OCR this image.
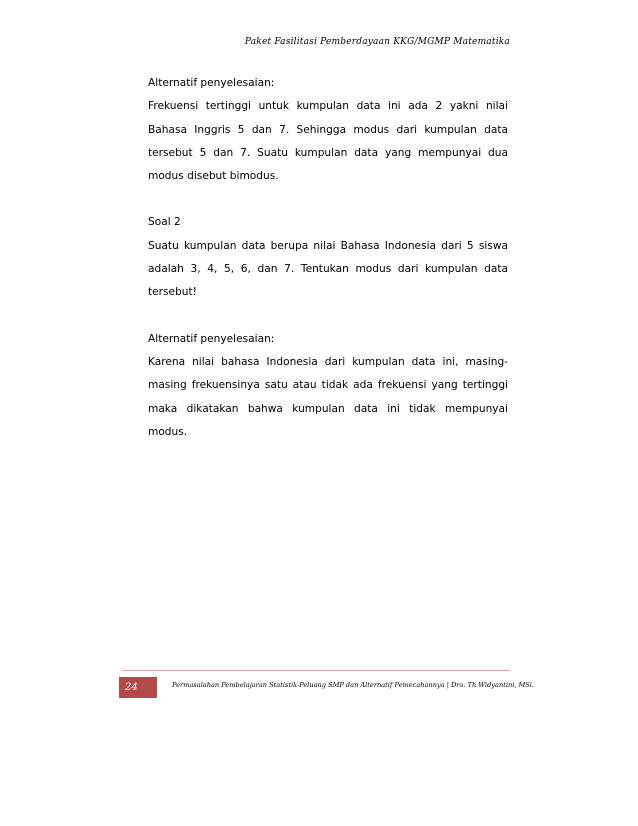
Paket Fasilitasi Pemberdayaan KKG/MGMP Matematika

Alternatif penyelesaian:

Frekuensi tertinggi untuk kumpulan data ini ada 2 yakni nilai Bahasa Inggris 5 dan 7. Sehingga modus dari kumpulan data tersebut 5 dan 7. Suatu kumpulan data yang mempunyai dua modus disebut bimodus.

Soal 2

Suatu kumpulan data berupa nilai Bahasa Indonesia dari 5 siswa adalah 3, 4, 5, 6, dan 7. Tentukan modus dari kumpulan data tersebut!

Alternatif penyelesaian:

Karena nilai bahasa Indonesia dari kumpulan data ini, masing-masing frekuensinya satu atau tidak ada frekuensi yang tertinggi maka dikatakan bahwa kumpulan data ini tidak mempunyai modus.

24	Permasalahan Pembelajaran Statistik-Peluang SMP dan Alternatif Pemecahannya | Dra. Th Widyantini, MSi.
